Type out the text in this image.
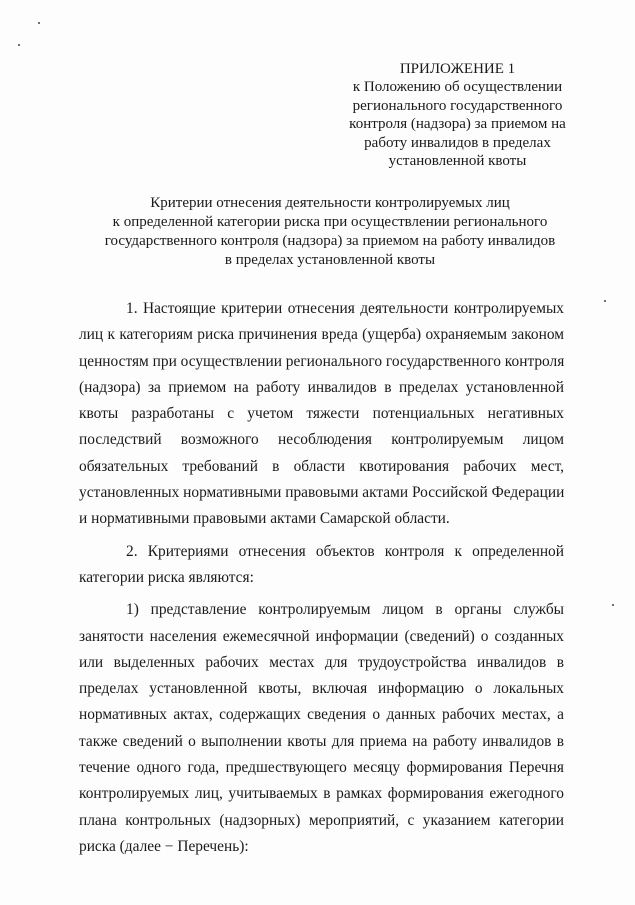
ПРИЛОЖЕНИЕ 1
к Положению об осуществлении
регионального государственного
контроля (надзора) за приемом на
работу инвалидов в пределах
установленной квоты
Критерии отнесения деятельности контролируемых лиц
к определенной категории риска при осуществлении регионального
государственного контроля (надзора) за приемом на работу инвалидов
в пределах установленной квоты
1. Настоящие критерии отнесения деятельности контролируемых
лиц к категориям риска причинения вреда (ущерба) охраняемым законом
ценностям при осуществлении регионального государственного контроля
(надзора) за приемом на работу инвалидов в пределах установленной
квоты разработаны с учетом тяжести потенциальных негативных
последствий возможного несоблюдения контролируемым лицом
обязательных требований в области квотирования рабочих мест,
установленных нормативными правовыми актами Российской Федерации
и нормативными правовыми актами Самарской области.
2. Критериями отнесения объектов контроля к определенной
категории риска являются:
1) представление контролируемым лицом в органы службы
занятости населения ежемесячной информации (сведений) о созданных
или выделенных рабочих местах для трудоустройства инвалидов в
пределах установленной квоты, включая информацию о локальных
нормативных актах, содержащих сведения о данных рабочих местах, а
также сведений о выполнении квоты для приема на работу инвалидов в
течение одного года, предшествующего месяцу формирования Перечня
контролируемых лиц, учитываемых в рамках формирования ежегодного
плана контрольных (надзорных) мероприятий, с указанием категории
риска (далее − Перечень):
